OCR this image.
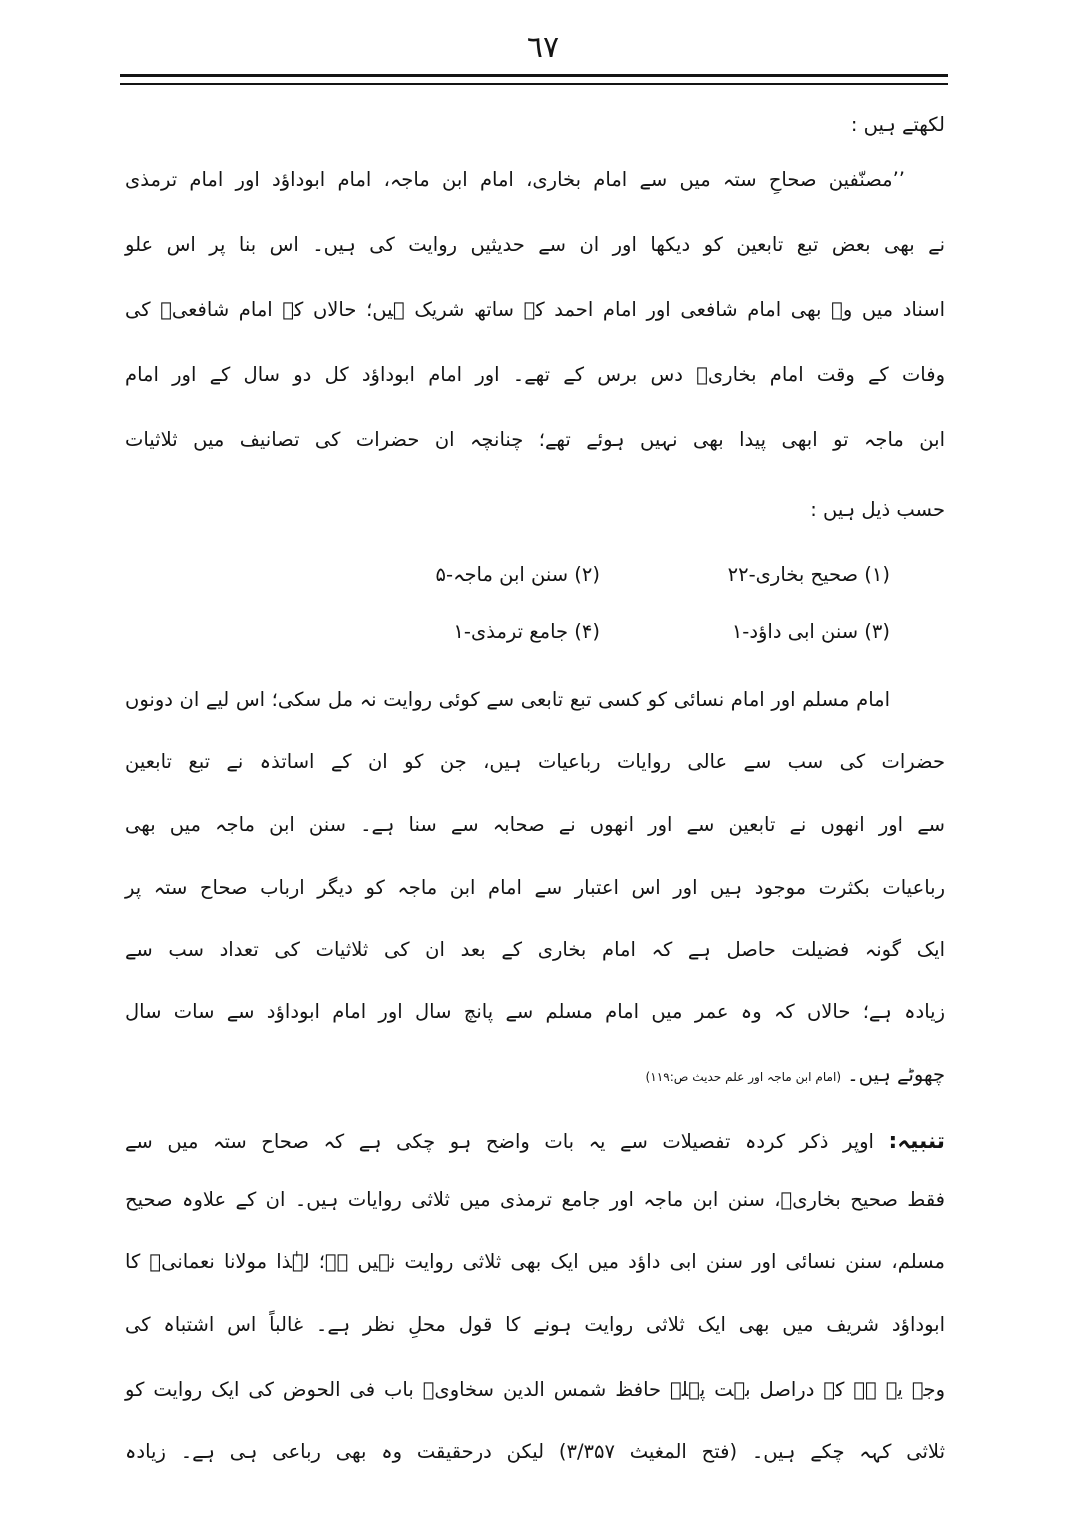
٦٧
لکھتے ہیں :
’’مصنّفین صحاحِ ستہ میں سے امام بخاری، امام ابن ماجہ، امام ابوداؤد اور امام ترمذی
نے بھی بعض تبع تابعین کو دیکھا اور ان سے حدیثیں روایت کی ہیں۔ اس بنا پر اس علو
اسناد میں وہ بھی امام شافعی اور امام احمد کے ساتھ شریک ہیں؛ حالاں کہ امام شافعیؒ کی
وفات کے وقت امام بخاریؒ دس برس کے تھے۔ اور امام ابوداؤد کل دو سال کے اور امام
ابن ماجہ تو ابھی پیدا بھی نہیں ہوئے تھے؛ چنانچہ ان حضرات کی تصانیف میں ثلاثیات
حسب ذیل ہیں :
(۱) صحیح بخاری-۲۲
(۲) سنن ابن ماجہ-۵
(۳) سنن ابی داؤد-۱
(۴) جامع ترمذی-۱
امام مسلم اور امام نسائی کو کسی تبع تابعی سے کوئی روایت نہ مل سکی؛ اس لیے ان دونوں
حضرات کی سب سے عالی روایات رباعیات ہیں، جن کو ان کے اساتذہ نے تبع تابعین
سے اور انھوں نے تابعین سے اور انھوں نے صحابہ سے سنا ہے۔ سنن ابن ماجہ میں بھی
رباعیات بکثرت موجود ہیں اور اس اعتبار سے امام ابن ماجہ کو دیگر ارباب صحاح ستہ پر
ایک گونہ فضیلت حاصل ہے کہ امام بخاری کے بعد ان کی ثلاثیات کی تعداد سب سے
زیادہ ہے؛ حالاں کہ وہ عمر میں امام مسلم سے پانچ سال اور امام ابوداؤد سے سات سال
چھوٹے ہیں۔ (امام ابن ماجہ اور علم حدیث ص:۱۱۹)
تنبیہ: اوپر ذکر کردہ تفصیلات سے یہ بات واضح ہو چکی ہے کہ صحاح ستہ میں سے
فقط صحیح بخاریؒ، سنن ابن ماجہ اور جامع ترمذی میں ثلاثی روایات ہیں۔ ان کے علاوہ صحیح
مسلم، سنن نسائی اور سنن ابی داؤد میں ایک بھی ثلاثی روایت نہیں ہے؛ لہٰذا مولانا نعمانیؒ کا
ابوداؤد شریف میں بھی ایک ثلاثی روایت ہونے کا قول محلِ نظر ہے۔ غالباً اس اشتباہ کی
وجہ یہ ہے کہ دراصل بہت پہلے حافظ شمس الدین سخاویؒ باب فی الحوض کی ایک روایت کو
ثلاثی کہہ چکے ہیں۔ (فتح المغیث ۳/۳۵۷) لیکن درحقیقت وہ بھی رباعی ہی ہے۔ زیادہ
